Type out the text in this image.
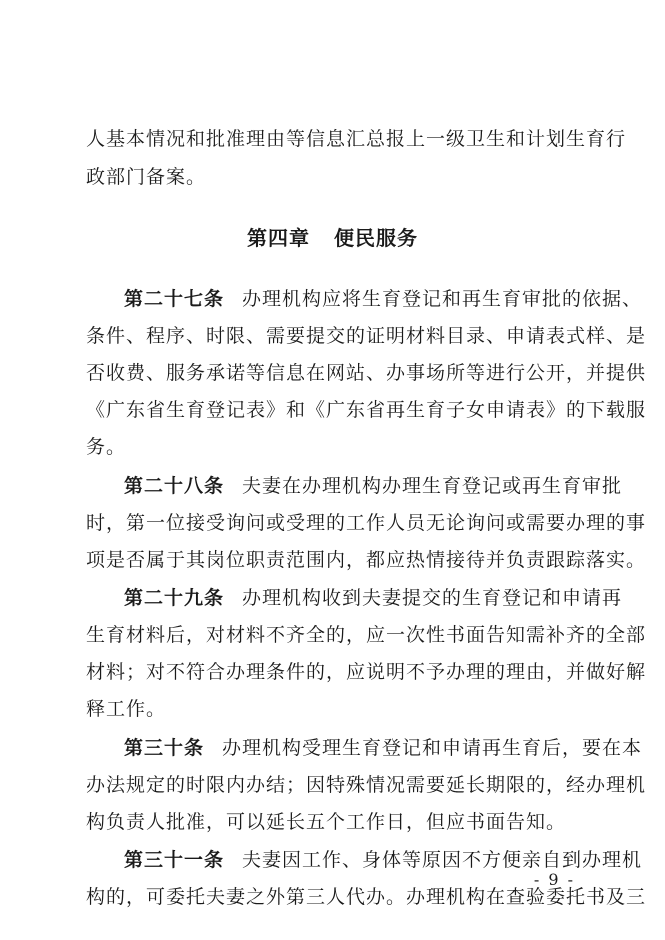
人基本情况和批准理由等信息汇总报上一级卫生和计划生育行
政部门备案。
第四章 便民服务
第二十七条 办理机构应将生育登记和再生育审批的依据、
条件、程序、时限、需要提交的证明材料目录、申请表式样、是
否收费、服务承诺等信息在网站、办事场所等进行公开，并提供
《广东省生育登记表》和《广东省再生育子女申请表》的下载服
务。
第二十八条 夫妻在办理机构办理生育登记或再生育审批
时，第一位接受询问或受理的工作人员无论询问或需要办理的事
项是否属于其岗位职责范围内，都应热情接待并负责跟踪落实。
第二十九条 办理机构收到夫妻提交的生育登记和申请再
生育材料后，对材料不齐全的，应一次性书面告知需补齐的全部
材料；对不符合办理条件的，应说明不予办理的理由，并做好解
释工作。
第三十条 办理机构受理生育登记和申请再生育后，要在本
办法规定的时限内办结；因特殊情况需要延长期限的，经办理机
构负责人批准，可以延长五个工作日，但应书面告知。
第三十一条 夫妻因工作、身体等原因不方便亲自到办理机
构的，可委托夫妻之外第三人代办。办理机构在查验委托书及三
- 9 -
